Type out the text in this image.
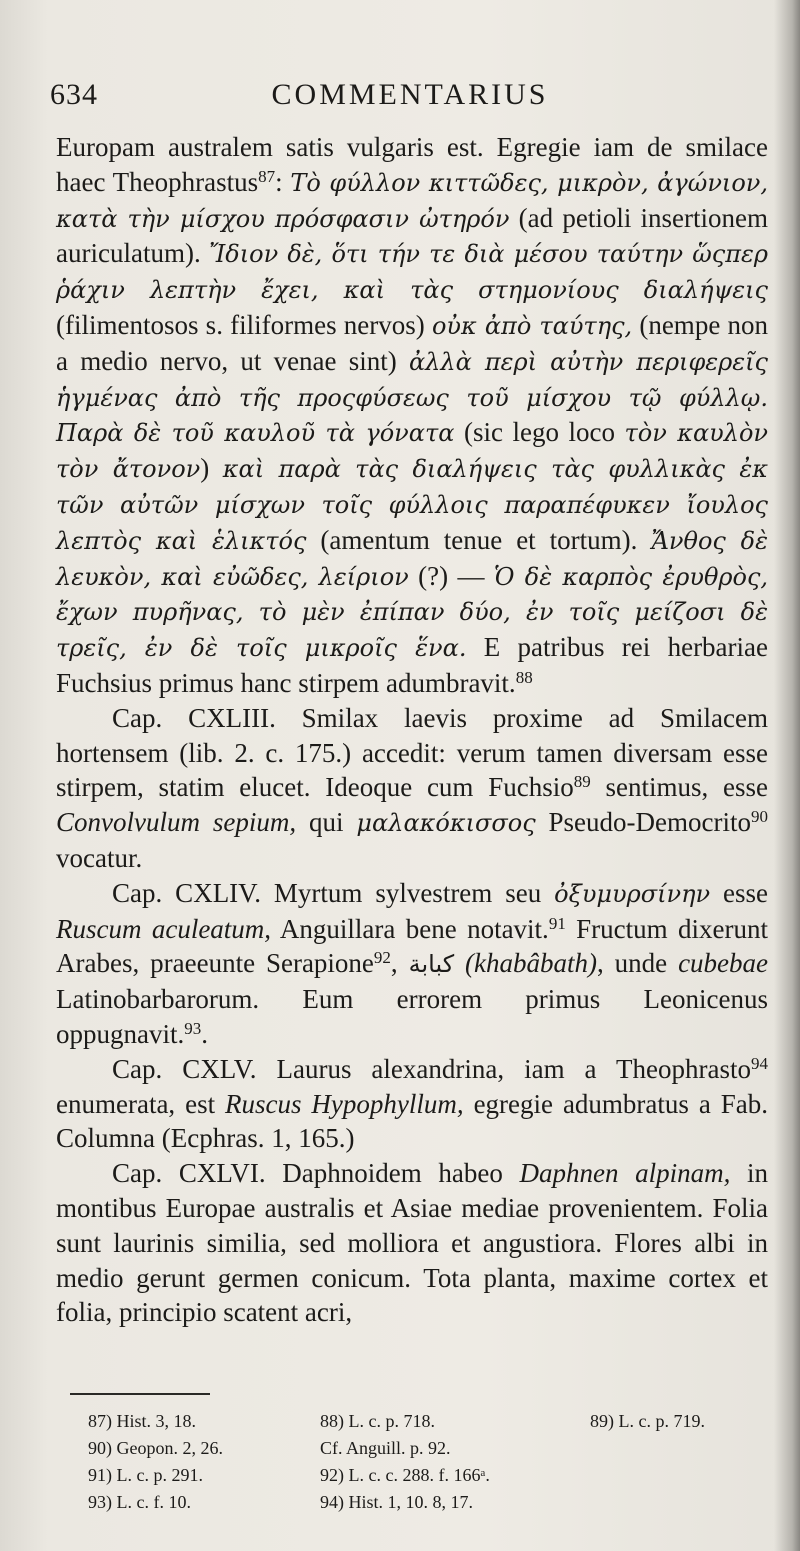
634	COMMENTARIUS

Europam australem satis vulgaris est. Egregie iam de smilace haec Theophrastus$^{87}$: Τὸ φύλλον κιττῶδες, μικρὸν, ἀγώνιον, κατὰ τὴν μίσχου πρόσφασιν ὠτηρόν (ad petioli insertionem auriculatum). Ἴδιον δὲ, ὅτι τήν τε διὰ μέσου ταύτην ὥςπερ ῥάχιν λεπτὴν ἔχει, καὶ τὰς στημονίους διαλήψεις (filimentosos s. filiformes nervos) οὐκ ἀπὸ ταύτης, (nempe non a medio nervo, ut venae sint) ἀλλὰ περὶ αὐτὴν περιφερεῖς ἡγμένας ἀπὸ τῆς προςφύσεως τοῦ μίσχου τῷ φύλλῳ. Παρὰ δὲ τοῦ καυλοῦ τὰ γόνατα (sic lego loco τὸν καυλὸν τὸν ἄτονον) καὶ παρὰ τὰς διαλήψεις τὰς φυλλικὰς ἐκ τῶν αὐτῶν μίσχων τοῖς φύλλοις παραπέφυκεν ἴουλος λεπτὸς καὶ ἑλικτός (amentum tenue et tortum). Ἄνθος δὲ λευκὸν, καὶ εὐῶδες, λείριον (?) — Ὁ δὲ καρπὸς ἐρυθρὸς, ἔχων πυρῆνας, τὸ μὲν ἐπίπαν δύο, ἐν τοῖς μείζοσι δὲ τρεῖς, ἐν δὲ τοῖς μικροῖς ἕνα. E patribus rei herbariae Fuchsius primus hanc stirpem adumbravit.$^{88}$

Cap. CXLIII. Smilax laevis proxime ad Smilacem hortensem (lib. 2. c. 175.) accedit: verum tamen diversam esse stirpem, statim elucet. Ideoque cum Fuchsio$^{89}$ sentimus, esse Convolvulum sepium, qui μαλακόκισσος Pseudo-Democrito$^{90}$ vocatur.

Cap. CXLIV. Myrtum sylvestrem seu ὀξυμυρσίνην esse Ruscum aculeatum, Anguillara bene notavit.$^{91}$ Fructum dixerunt Arabes, praeeunte Serapione$^{92}$, كبابة (khabâbath), unde cubebae Latinobarbarorum. Eum errorem primus Leonicenus oppugnavit.$^{93}$.

Cap. CXLV. Laurus alexandrina, iam a Theophrasto$^{94}$ enumerata, est Ruscus Hypophyllum, egregie adumbratus a Fab. Columna (Ecphras. 1, 165.)

Cap. CXLVI. Daphnoidem habeo Daphnen alpinam, in montibus Europae australis et Asiae mediae provenientem. Folia sunt laurinis similia, sed molliora et angustiora. Flores albi in medio gerunt germen conicum. Tota planta, maxime cortex et folia, principio scatent acri,

87) Hist. 3, 18.	88) L. c. p. 718.	89) L. c. p. 719.
90) Geopon. 2, 26.	Cf. Anguill. p. 92.
91) L. c. p. 291.	92) L. c. c. 288. f. 166ᵃ.
93) L. c. f. 10.	94) Hist. 1, 10. 8, 17.
